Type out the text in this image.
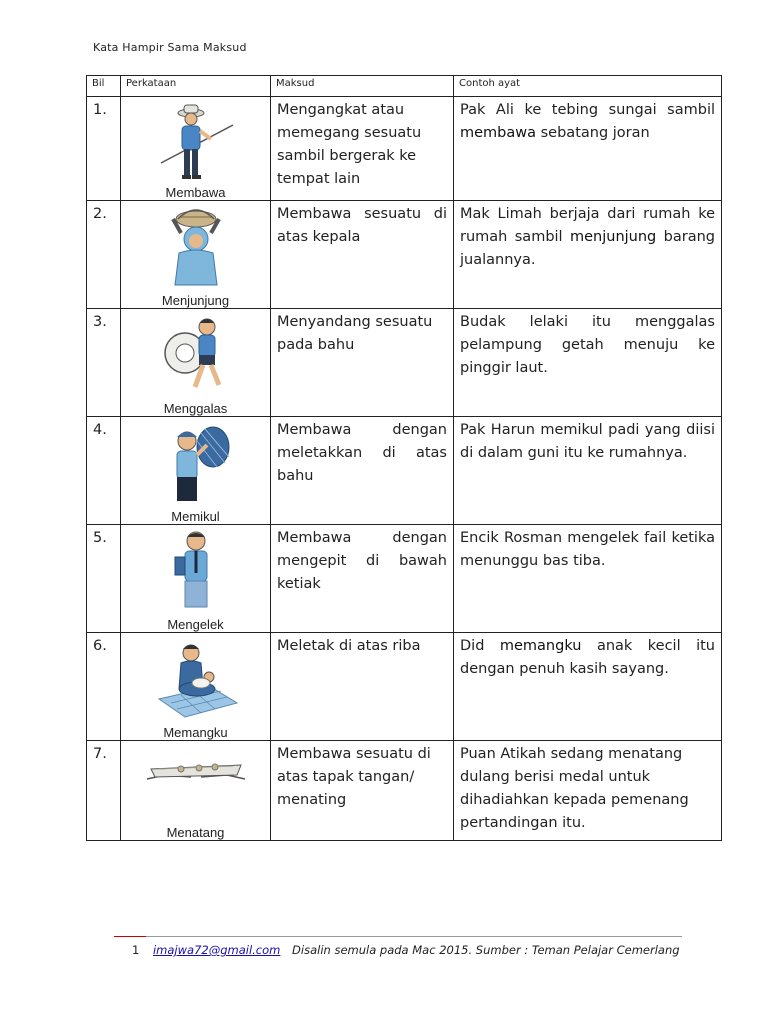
Kata Hampir Sama Maksud
Bil	Perkataan	Maksud	Contoh ayat
1.	Membawa	Mengangkat atau memegang sesuatu sambil bergerak ke tempat lain	Pak Ali ke tebing sungai sambil membawa sebatang joran
2.	Menjunjung	Membawa sesuatu di atas kepala	Mak Limah berjaja dari rumah ke rumah sambil menjunjung barang jualannya.
3.	Menggalas	Menyandang sesuatu pada bahu	Budak lelaki itu menggalas pelampung getah menuju ke pinggir laut.
4.	Memikul	Membawa dengan meletakkan di atas bahu	Pak Harun memikul padi yang diisi di dalam guni itu ke rumahnya.
5.	Mengelek	Membawa dengan mengepit di bawah ketiak	Encik Rosman mengelek fail ketika menunggu bas tiba.
6.	Memangku	Meletak di atas riba	Did memangku anak kecil itu dengan penuh kasih sayang.
7.	Menatang	Membawa sesuatu di atas tapak tangan/ menating	Puan Atikah sedang menatang dulang berisi medal untuk dihadiahkan kepada pemenang pertandingan itu.
1 imajwa72@gmail.com Disalin semula pada Mac 2015. Sumber : Teman Pelajar Cemerlang
